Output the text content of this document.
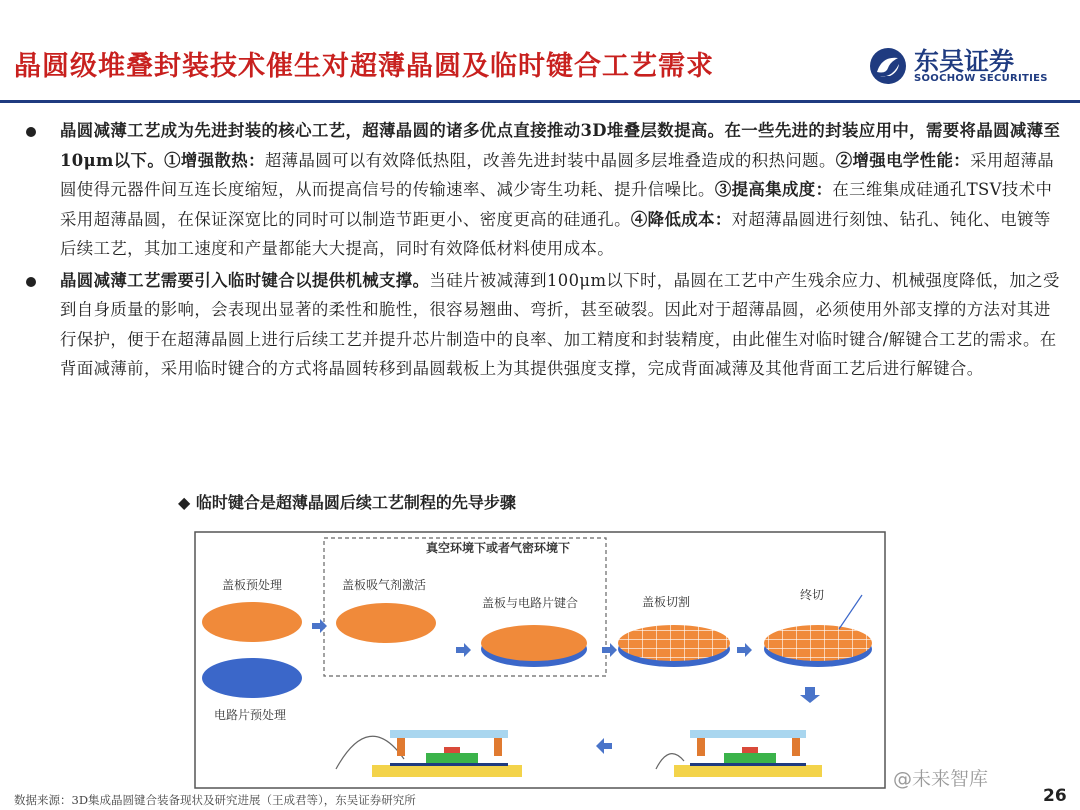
晶圆级堆叠封装技术催生对超薄晶圆及临时键合工艺需求	东吴证券
SOOCHOW SECURITIES
晶圆减薄工艺成为先进封装的核心工艺，超薄晶圆的诸多优点直接推动3D堆叠层数提高。在一些先进的封装应用中，需要将晶圆减薄至10μm以下。①增强散热：超薄晶圆可以有效降低热阻，改善先进封装中晶圆多层堆叠造成的积热问题。②增强电学性能：采用超薄晶圆使得元器件间互连长度缩短，从而提高信号的传输速率、减少寄生功耗、提升信噪比。③提高集成度：在三维集成硅通孔TSV技术中采用超薄晶圆，在保证深宽比的同时可以制造节距更小、密度更高的硅通孔。④降低成本：对超薄晶圆进行刻蚀、钻孔、钝化、电镀等后续工艺，其加工速度和产量都能大大提高，同时有效降低材料使用成本。
晶圆减薄工艺需要引入临时键合以提供机械支撑。当硅片被减薄到100μm以下时，晶圆在工艺中产生残余应力、机械强度降低，加之受到自身质量的影响，会表现出显著的柔性和脆性，很容易翘曲、弯折，甚至破裂。因此对于超薄晶圆，必须使用外部支撑的方法对其进行保护，便于在超薄晶圆上进行后续工艺并提升芯片制造中的良率、加工精度和封装精度，由此催生对临时键合/解键合工艺的需求。在背面减薄前，采用临时键合的方式将晶圆转移到晶圆载板上为其提供强度支撑，完成背面减薄及其他背面工艺后进行解键合。
◆ 临时键合是超薄晶圆后续工艺制程的先导步骤
真空环境下或者气密环境下
盖板预处理	盖板吸气剂激活
盖板与电路片键合	盖板切割	终切
电路片预处理
@未来智库
数据来源：3D集成晶圆键合装备现状及研究进展（王成君等），东吴证券研究所	26
